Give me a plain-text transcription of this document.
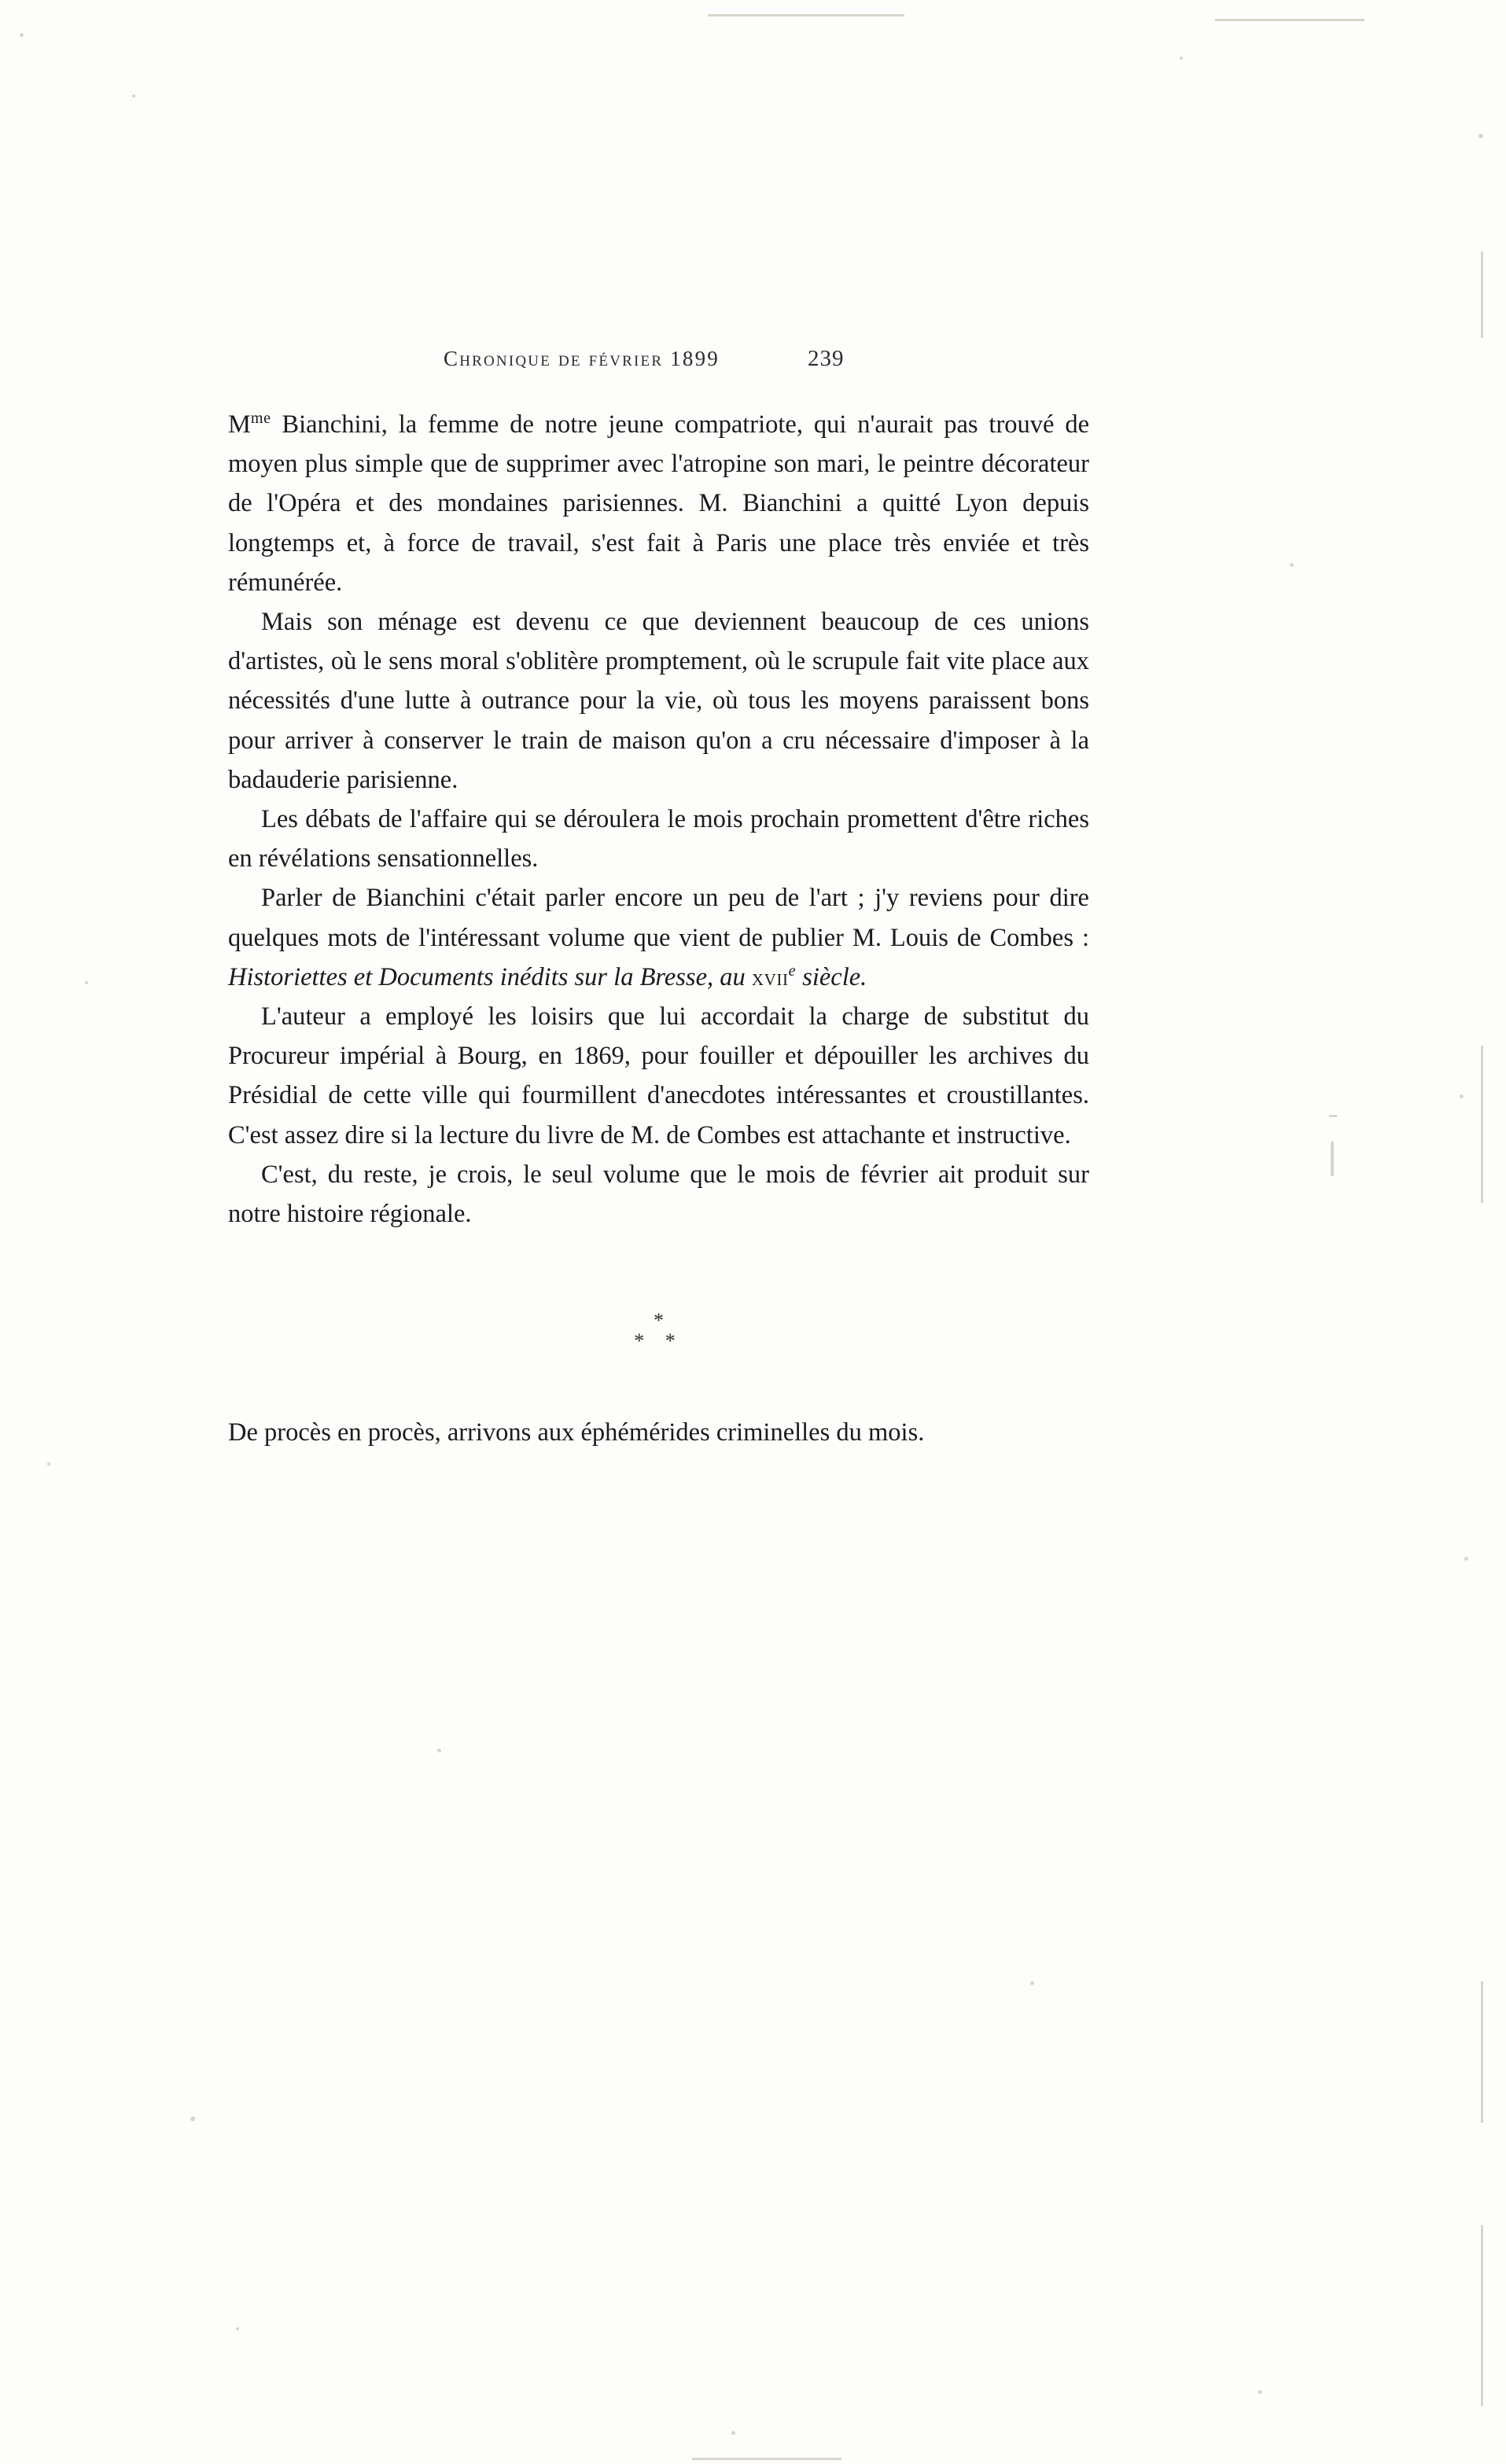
Chronique de février 1899	239

$M^{me}$ Bianchini, la femme de notre jeune compatriote, qui n'aurait pas trouvé de moyen plus simple que de supprimer avec l'atropine son mari, le peintre décorateur de l'Opéra et des mondaines parisiennes. M. Bianchini a quitté Lyon depuis longtemps et, à force de travail, s'est fait à Paris une place très enviée et très rémunérée.

Mais son ménage est devenu ce que deviennent beaucoup de ces unions d'artistes, où le sens moral s'oblitère promptement, où le scrupule fait vite place aux nécessités d'une lutte à outrance pour la vie, où tous les moyens paraissent bons pour arriver à conserver le train de maison qu'on a cru nécessaire d'imposer à la badauderie parisienne.

Les débats de l'affaire qui se déroulera le mois prochain promettent d'être riches en révélations sensationnelles.

Parler de Bianchini c'était parler encore un peu de l'art ; j'y reviens pour dire quelques mots de l'intéressant volume que vient de publier M. Louis de Combes : Historiettes et Documents inédits sur la Bresse, au xvii$^e$ siècle.

L'auteur a employé les loisirs que lui accordait la charge de substitut du Procureur impérial à Bourg, en 1869, pour fouiller et dépouiller les archives du Présidial de cette ville qui fourmillent d'anecdotes intéressantes et croustillantes. C'est assez dire si la lecture du livre de M. de Combes est attachante et instructive.

C'est, du reste, je crois, le seul volume que le mois de février ait produit sur notre histoire régionale.

*
* *

De procès en procès, arrivons aux éphémérides criminelles du mois.
